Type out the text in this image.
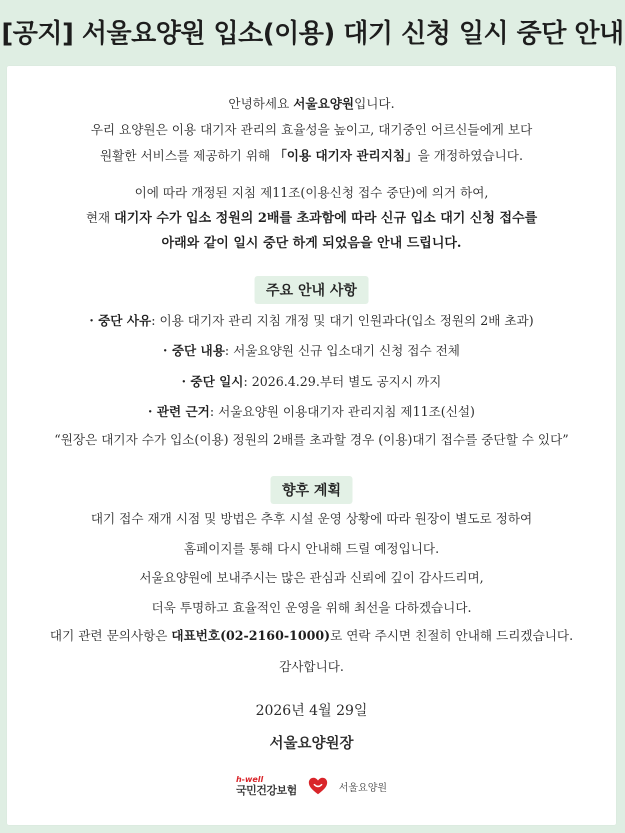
[공지] 서울요양원 입소(이용) 대기 신청 일시 중단 안내
안녕하세요 서울요양원입니다.
우리 요양원은 이용 대기자 관리의 효율성을 높이고, 대기중인 어르신들에게 보다
원활한 서비스를 제공하기 위해 「이용 대기자 관리지침」을 개정하였습니다.
이에 따라 개정된 지침 제11조(이용신청 접수 중단)에 의거 하여,
현재 대기자 수가 입소 정원의 2배를 초과함에 따라 신규 입소 대기 신청 접수를
아래와 같이 일시 중단 하게 되었음을 안내 드립니다.
주요 안내 사항
· 중단 사유: 이용 대기자 관리 지침 개정 및 대기 인원과다(입소 정원의 2배 초과)
· 중단 내용: 서울요양원 신규 입소대기 신청 접수 전체
· 중단 일시: 2026.4.29.부터 별도 공지시 까지
· 관련 근거: 서울요양원 이용대기자 관리지침 제11조(신설)
“원장은 대기자 수가 입소(이용) 정원의 2배를 초과할 경우 (이용)대기 접수를 중단할 수 있다”
향후 계획
대기 접수 재개 시점 및 방법은 추후 시설 운영 상황에 따라 원장이 별도로 정하여
홈페이지를 통해 다시 안내해 드릴 예정입니다.
서울요양원에 보내주시는 많은 관심과 신뢰에 깊이 감사드리며,
더욱 투명하고 효율적인 운영을 위해 최선을 다하겠습니다.
대기 관련 문의사항은 대표번호(02-2160-1000)로 연락 주시면 친절히 안내해 드리겠습니다.
감사합니다.
2026년 4월 29일
서울요양원장
h-well
국민건강보험	서울요양원
